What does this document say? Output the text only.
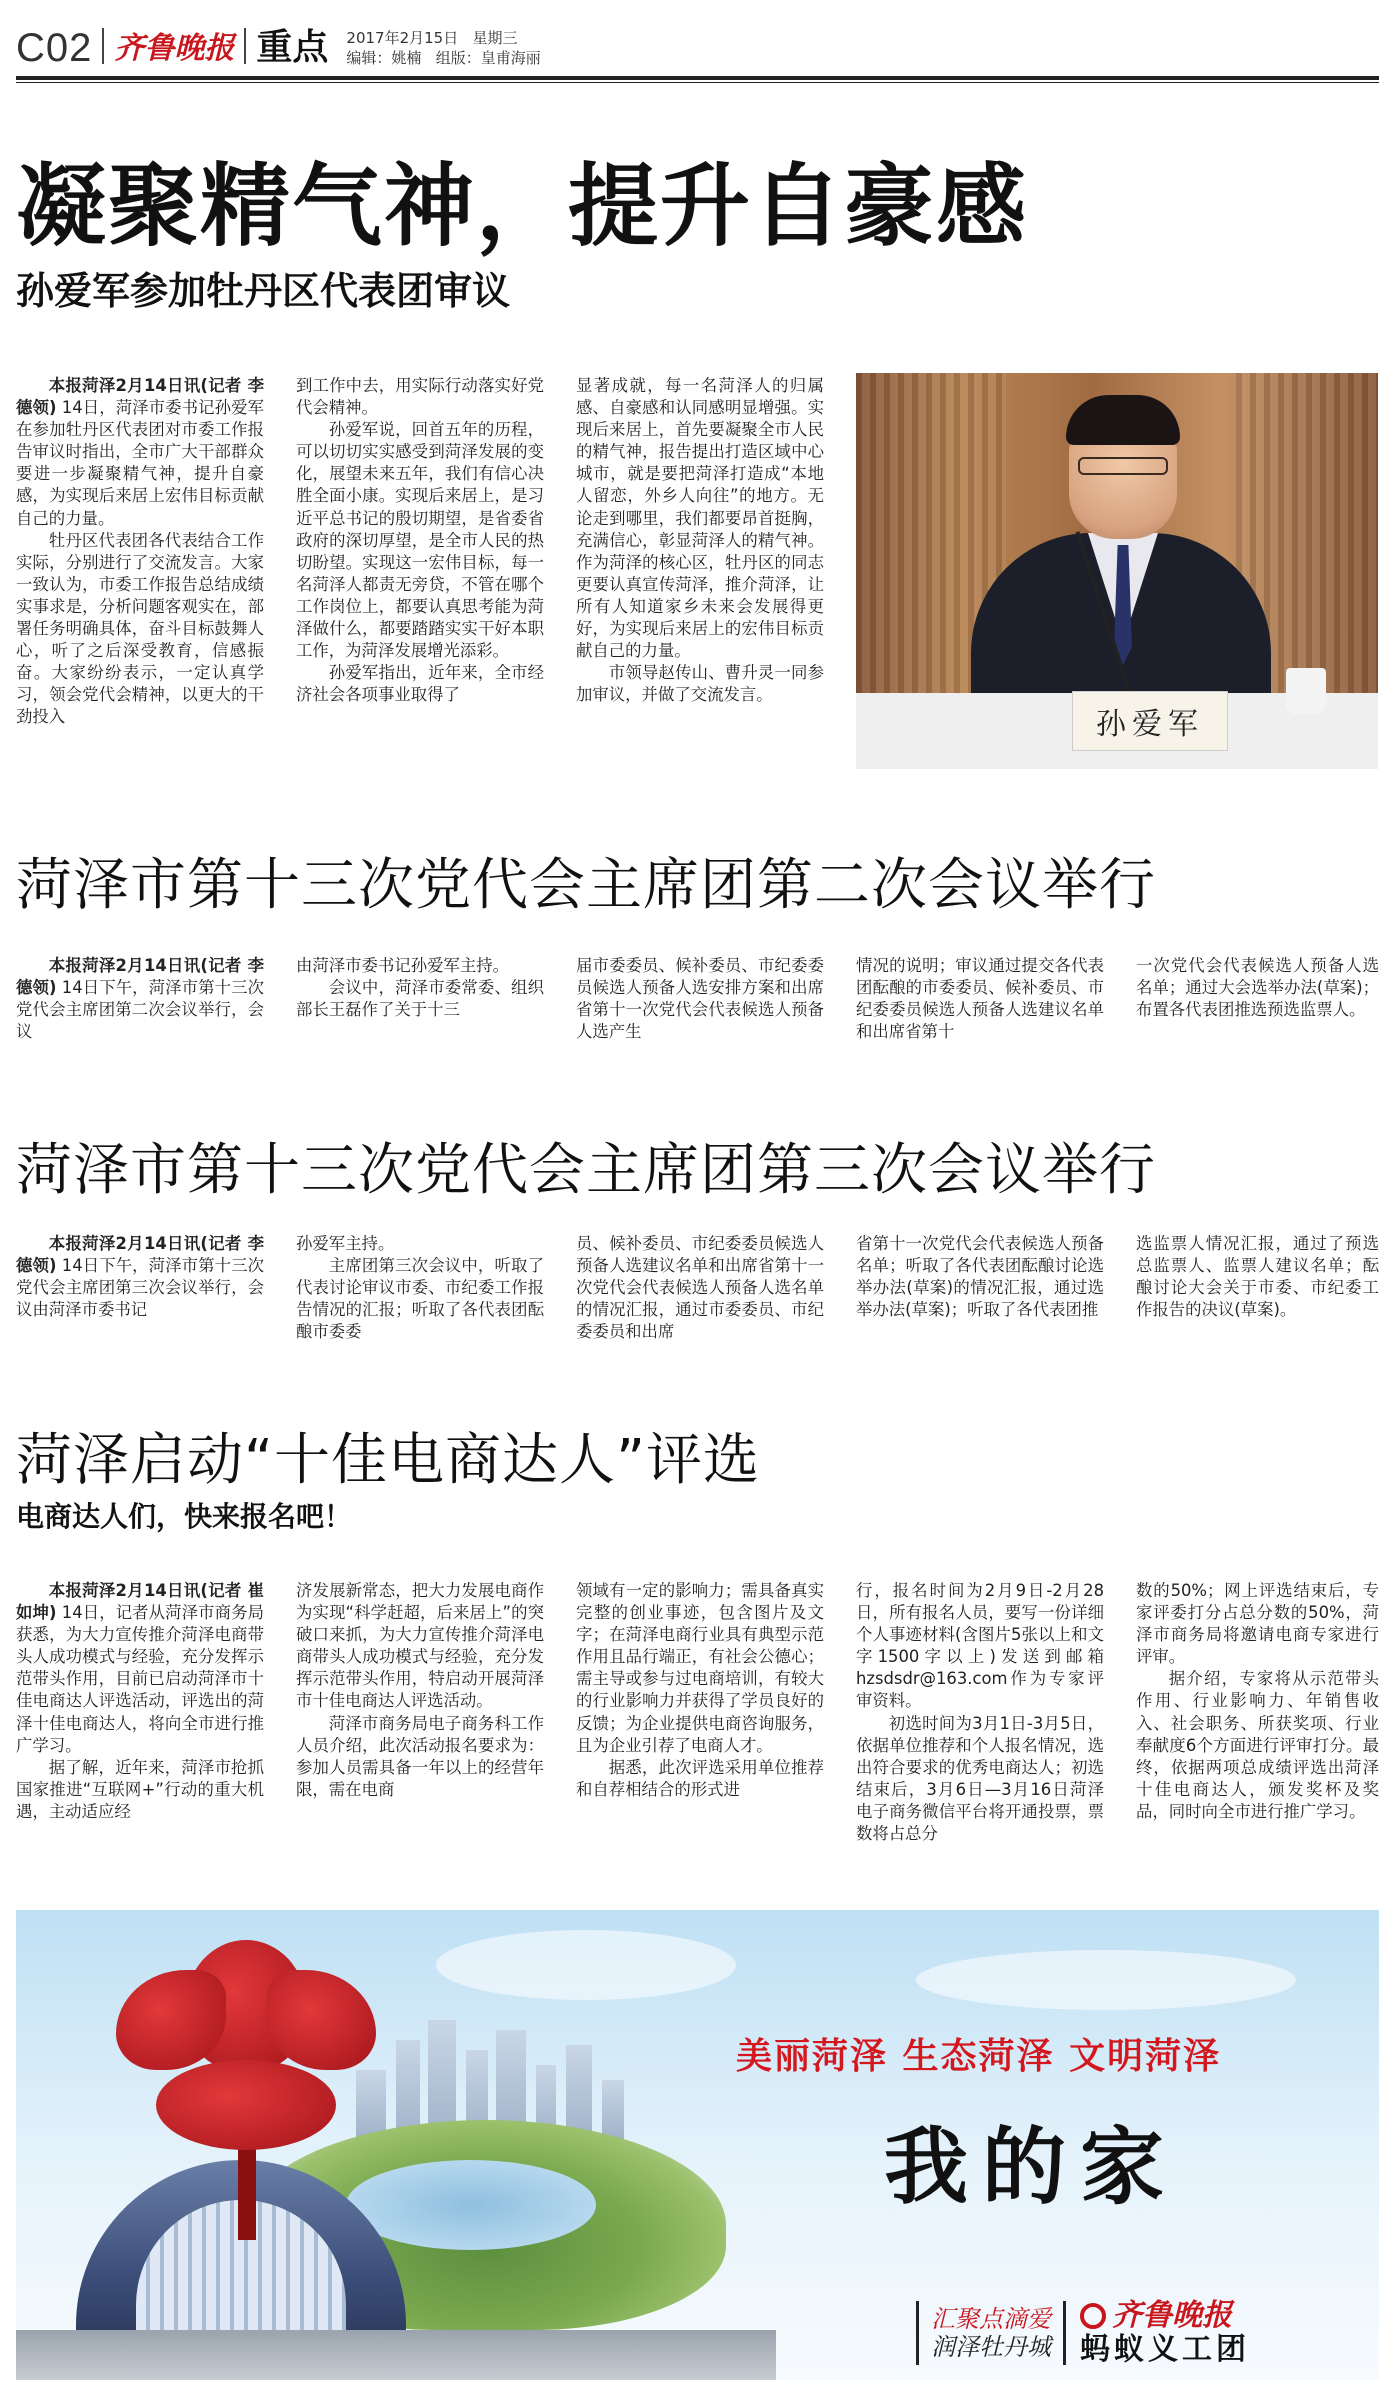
C02 齐鲁晚报 重点 2017年2月15日 星期三
编辑：姚楠 组版：皇甫海丽
凝聚精气神，提升自豪感
孙爱军参加牡丹区代表团审议

本报菏泽2月14日讯(记者 李德领) 14日，菏泽市委书记孙爱军在参加牡丹区代表团对市委工作报告审议时指出，全市广大干部群众要进一步凝聚精气神，提升自豪感，为实现后来居上宏伟目标贡献自己的力量。

牡丹区代表团各代表结合工作实际，分别进行了交流发言。大家一致认为，市委工作报告总结成绩实事求是，分析问题客观实在，部署任务明确具体，奋斗目标鼓舞人心，听了之后深受教育，信感振奋。大家纷纷表示，一定认真学习，领会党代会精神，以更大的干劲投入

到工作中去，用实际行动落实好党代会精神。

孙爱军说，回首五年的历程，可以切切实实感受到菏泽发展的变化，展望未来五年，我们有信心决胜全面小康。实现后来居上，是习近平总书记的殷切期望，是省委省政府的深切厚望，是全市人民的热切盼望。实现这一宏伟目标，每一名菏泽人都责无旁贷，不管在哪个工作岗位上，都要认真思考能为菏泽做什么，都要踏踏实实干好本职工作，为菏泽发展增光添彩。

孙爱军指出，近年来，全市经济社会各项事业取得了

显著成就，每一名菏泽人的归属感、自豪感和认同感明显增强。实现后来居上，首先要凝聚全市人民的精气神，报告提出打造区域中心城市，就是要把菏泽打造成“本地人留恋，外乡人向往”的地方。无论走到哪里，我们都要昂首挺胸，充满信心，彰显菏泽人的精气神。作为菏泽的核心区，牡丹区的同志更要认真宣传菏泽，推介菏泽，让所有人知道家乡未来会发展得更好，为实现后来居上的宏伟目标贡献自己的力量。

市领导赵传山、曹升灵一同参加审议，并做了交流发言。

孙爱军
菏泽市第十三次党代会主席团第二次会议举行

本报菏泽2月14日讯(记者 李德领) 14日下午，菏泽市第十三次党代会主席团第二次会议举行，会议

由菏泽市委书记孙爱军主持。

会议中，菏泽市委常委、组织部长王磊作了关于十三

届市委委员、候补委员、市纪委委员候选人预备人选安排方案和出席省第十一次党代会代表候选人预备人选产生

情况的说明；审议通过提交各代表团酝酿的市委委员、候补委员、市纪委委员候选人预备人选建议名单和出席省第十

一次党代会代表候选人预备人选名单；通过大会选举办法(草案)；布置各代表团推选预选监票人。

菏泽市第十三次党代会主席团第三次会议举行

本报菏泽2月14日讯(记者 李德领) 14日下午，菏泽市第十三次党代会主席团第三次会议举行，会议由菏泽市委书记

孙爱军主持。

主席团第三次会议中，听取了代表讨论审议市委、市纪委工作报告情况的汇报；听取了各代表团酝酿市委委

员、候补委员、市纪委委员候选人预备人选建议名单和出席省第十一次党代会代表候选人预备人选名单的情况汇报，通过市委委员、市纪委委员和出席

省第十一次党代会代表候选人预备名单；听取了各代表团酝酿讨论选举办法(草案)的情况汇报，通过选举办法(草案)；听取了各代表团推

选监票人情况汇报，通过了预选总监票人、监票人建议名单；酝酿讨论大会关于市委、市纪委工作报告的决议(草案)。

菏泽启动“十佳电商达人”评选
电商达人们，快来报名吧！

本报菏泽2月14日讯(记者 崔如坤) 14日，记者从菏泽市商务局获悉，为大力宣传推介菏泽电商带头人成功模式与经验，充分发挥示范带头作用，目前已启动菏泽市十佳电商达人评选活动，评选出的菏泽十佳电商达人，将向全市进行推广学习。

据了解，近年来，菏泽市抢抓国家推进“互联网+”行动的重大机遇，主动适应经

济发展新常态，把大力发展电商作为实现“科学赶超，后来居上”的突破口来抓，为大力宣传推介菏泽电商带头人成功模式与经验，充分发挥示范带头作用，特启动开展菏泽市十佳电商达人评选活动。

菏泽市商务局电子商务科工作人员介绍，此次活动报名要求为：参加人员需具备一年以上的经营年限，需在电商

领域有一定的影响力；需具备真实完整的创业事迹，包含图片及文字；在菏泽电商行业具有典型示范作用且品行端正，有社会公德心；需主导或参与过电商培训，有较大的行业影响力并获得了学员良好的反馈；为企业提供电商咨询服务，且为企业引荐了电商人才。

据悉，此次评选采用单位推荐和自荐相结合的形式进

行，报名时间为2月9日-2月28日，所有报名人员，要写一份详细个人事迹材料(含图片5张以上和文字1500字以上)发送到邮箱hzsdsdr@163.com作为专家评审资料。

初选时间为3月1日-3月5日，依据单位推荐和个人报名情况，选出符合要求的优秀电商达人；初选结束后，3月6日—3月16日菏泽电子商务微信平台将开通投票，票数将占总分

数的50%；网上评选结束后，专家评委打分占总分数的50%，菏泽市商务局将邀请电商专家进行评审。

据介绍，专家将从示范带头作用、行业影响力、年销售收入、社会职务、所获奖项、行业奉献度6个方面进行评审打分。最终，依据两项总成绩评选出菏泽十佳电商达人，颁发奖杯及奖品，同时向全市进行推广学习。

美丽菏泽 生态菏泽 文明菏泽
我的家
汇聚点滴爱
润泽牡丹城
齐鲁晚报
蚂蚁义工团
